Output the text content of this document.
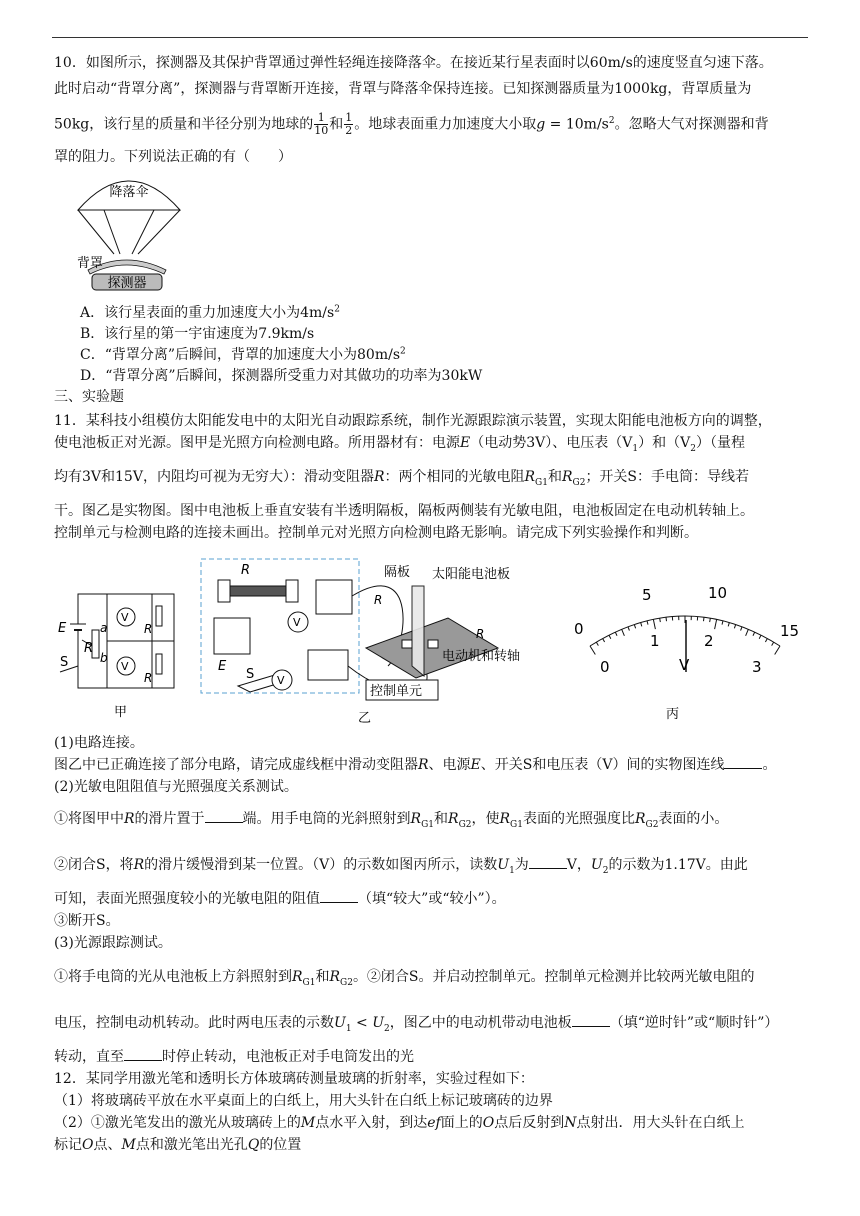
10．如图所示，探测器及其保护背罩通过弹性轻绳连接降落伞。在接近某行星表面时以60m/s的速度竖直匀速下落。
此时启动“背罩分离”，探测器与背罩断开连接，背罩与降落伞保持连接。已知探测器质量为1000kg，背罩质量为
50kg，该行星的质量和半径分别为地球的 $\frac{1}{10}$ 和 $\frac{1}{2}$ 。地球表面重力加速度大小取$g = 10m/s^2$。忽略大气对探测器和背
罩的阻力。下列说法正确的有（　　）
降落伞
背罩
探测器
A．该行星表面的重力加速度大小为$4m/s^2$
B．该行星的第一宇宙速度为7.9km/s
C．“背罩分离”后瞬间，背罩的加速度大小为$80m/s^2$
D．“背罩分离”后瞬间，探测器所受重力对其做功的功率为30kW
三、实验题
11．某科技小组模仿太阳能发电中的太阳光自动跟踪系统，制作光源跟踪演示装置，实现太阳能电池板方向的调整，
使电池板正对光源。图甲是光照方向检测电路。所用器材有：电源E（电动势3V）、电压表$(V_1)$和$(V_2)$（量程
均有3V和15V，内阻均可视为无穷大）：滑动变阻器R：两个相同的光敏电阻$R_{G1}$和$R_{G2}$；开关S：手电筒：导线若
干。图乙是实物图。图中电池板上垂直安装有半透明隔板，隔板两侧装有光敏电阻，电池板固定在电动机转轴上。
控制单元与检测电路的连接未画出。控制单元对光照方向检测电路无影响。请完成下列实验操作和判断。
E
R
a
b
S
V
V
R
R
甲
R
E
S
V
V
隔板 太阳能电池板
R
R
电动机和转轴
控制单元
乙
0
5	10
15
0
1	2
3
V
丙
(1)电路连接。
图乙中已正确连接了部分电路，请完成虚线框中滑动变阻器R、电源E、开关S和电压表（V）间的实物图连线	。
(2)光敏电阻阻值与光照强度关系测试。
①将图甲中R的滑片置于	端。用手电筒的光斜照射到$R_{G1}$和$R_{G2}$，使$R_{G1}$表面的光照强度比$R_{G2}$表面的小。
②闭合S，将R的滑片缓慢滑到某一位置。（V）的示数如图丙所示，读数$U_1$为	V，$U_2$的示数为1.17V。由此
可知，表面光照强度较小的光敏电阻的阻值	（填“较大”或“较小”）。
③断开S。
(3)光源跟踪测试。
①将手电筒的光从电池板上方斜照射到$R_{G1}$和$R_{G2}$。②闭合S。并启动控制单元。控制单元检测并比较两光敏电阻的
电压，控制电动机转动。此时两电压表的示数$U_1 < U_2$，图乙中的电动机带动电池板	（填“逆时针”或“顺时针”）
转动，直至	时停止转动，电池板正对手电筒发出的光
12．某同学用激光笔和透明长方体玻璃砖测量玻璃的折射率，实验过程如下：
（1）将玻璃砖平放在水平桌面上的白纸上，用大头针在白纸上标记玻璃砖的边界
（2）①激光笔发出的激光从玻璃砖上的M点水平入射，到达ef面上的O点后反射到N点射出．用大头针在白纸上
标记O点、M点和激光笔出光孔Q的位置
